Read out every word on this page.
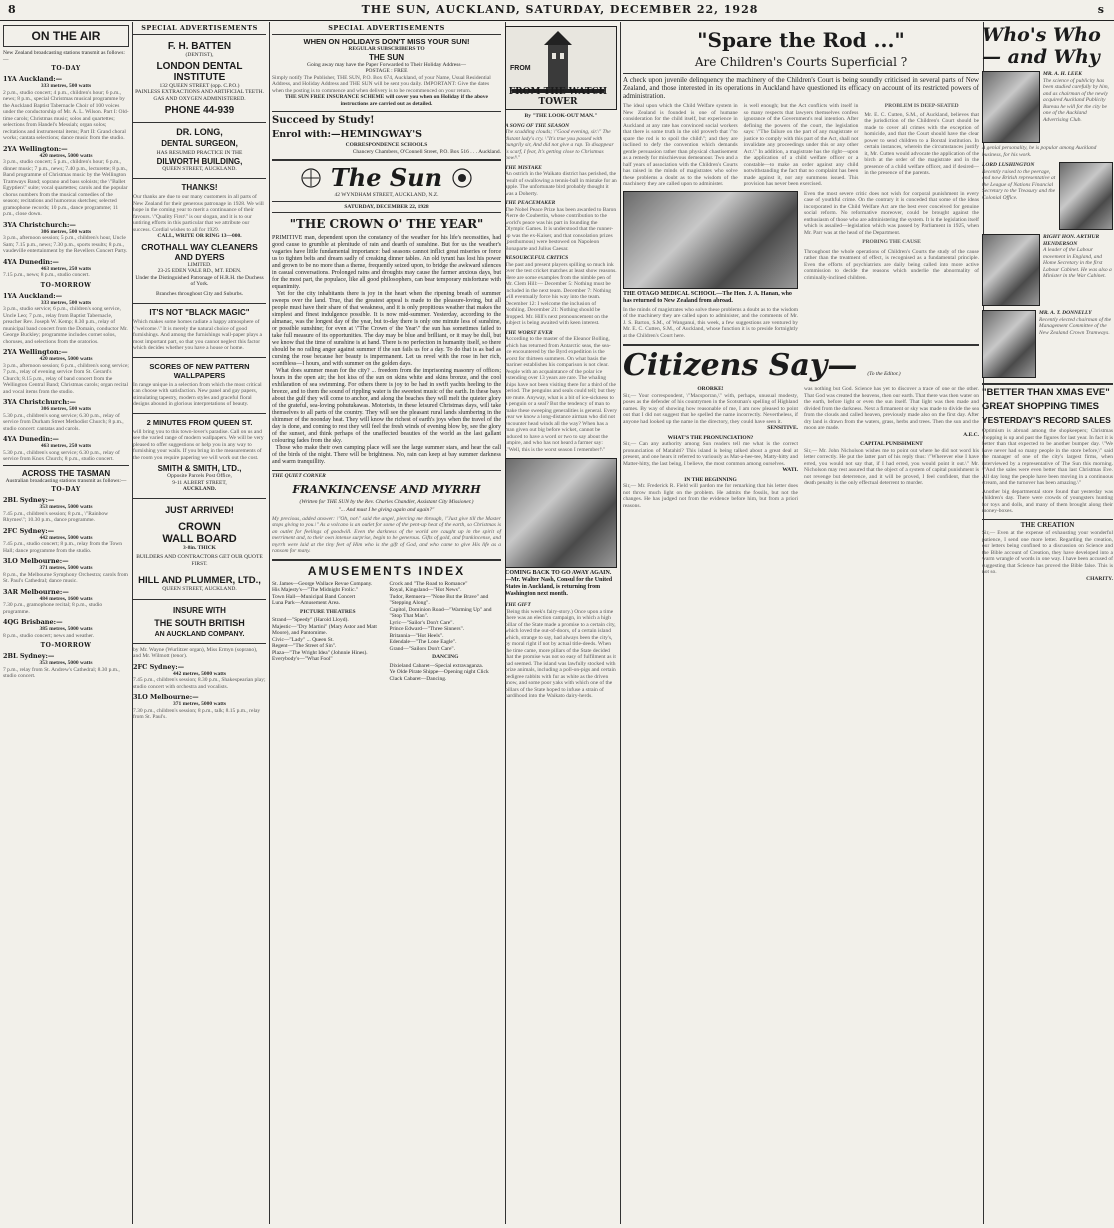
8	THE SUN, AUCKLAND, SATURDAY, DECEMBER 22, 1928	s
ON THE AIR
New Zealand broadcasting stations transmit as follows:—
TO-DAY
1YA Auckland:—
333 metres, 500 watts
2 p.m., studio concert; 4 p.m., children's hour; 6 p.m., news; 8 p.m., special Christmas musical programme by the Auckland Baptist Tabernacle Choir of 100 voices under the conductorship of Mr. A. L. Wilson. Part I: Old-time carols; Christmas music; solos and quartettes; selections from Handel's Messiah; organ solos; recitations and instrumental items; Part II: Grand choral works; cantata selections; dance music from the studio.
2YA Wellington:—
420 metres, 5000 watts
3 p.m., studio concert; 5 p.m., children's hour; 6 p.m., dinner music; 7 p.m., news; 7.40 p.m., lecturette; 8 p.m., Band programme of Christmas music by the Wellington Tramways Band; soprano and bass soloists; the \"Ballet Egyptien\" suite; vocal quartettes; carols and the popular chorus numbers from the musical comedies of the season; recitations and humorous sketches; selected gramophone records; 10 p.m., dance programme; 11 p.m., close down.
3YA Christchurch:—
306 metres, 500 watts
3 p.m., afternoon session; 5 p.m., children's hour, Uncle Sam; 7.15 p.m., news; 7.30 p.m., sports results; 8 p.m., vaudeville entertainment by the Revellers Concert Party.
4YA Dunedin:—
463 metres, 250 watts
7.15 p.m., news; 8 p.m., studio concert.
TO-MORROW
1YA Auckland:—
333 metres, 500 watts
3 p.m., studio service; 6 p.m., children's song service, Uncle Leo; 7 p.m., relay from Baptist Tabernacle, preacher Rev. Joseph W. Kemp; 8.30 p.m., relay of municipal band concert from the Domain, conductor Mr. George Buckley; programme includes cornet solos, choruses, and selections from the oratorios.
2YA Wellington:—
420 metres, 5000 watts
3 p.m., afternoon session; 6 p.m., children's song service; 7 p.m., relay of evening service from St. Gerard's Church; 8.15 p.m., relay of band concert from the Wellington Central Band; Christmas carols; organ recital and vocal items from the studio.
3YA Christchurch:—
306 metres, 500 watts
5.30 p.m., children's song service; 6.30 p.m., relay of service from Durham Street Methodist Church; 8 p.m., studio concert: cantatas and carols.
4YA Dunedin:—
463 metres, 250 watts
5.30 p.m., children's song service; 6.30 p.m., relay of service from Knox Church; 8 p.m., studio concert.
ACROSS THE TASMAN
Australian broadcasting stations transmit as follows:—
TO-DAY
2BL Sydney:—
353 metres, 5000 watts
7.45 p.m., children's session; 8 p.m., \"Rainbow Rhymes\"; 10.30 p.m., dance programme.
2FC Sydney:—
442 metres, 5000 watts
7.45 p.m., studio concert; 8 p.m., relay from the Town Hall; dance programme from the studio.
3LO Melbourne:—
371 metres, 5000 watts
8 p.m., the Melbourne Symphony Orchestra; carols from St. Paul's Cathedral; dance music.
3AR Melbourne:—
484 metres, 1600 watts
7.30 p.m., gramophone recital; 8 p.m., studio programme.
4QG Brisbane:—
385 metres, 5000 watts
8 p.m., studio concert; news and weather.
TO-MORROW
2BL Sydney:—
353 metres, 5000 watts
7 p.m., relay from St. Andrew's Cathedral; 8.30 p.m., studio concert.
SPECIAL ADVERTISEMENTS
F. H. BATTEN
(DENTIST),
LONDON DENTAL
INSTITUTE
132 QUEEN STREET (opp. C.P.O.)
PAINLESS EXTRACTIONS AND ARTIFICIAL TEETH. GAS AND OXYGEN ADMINISTERED.
PHONE 44-939
DR. LONG,
DENTAL SURGEON,
HAS RESUMED PRACTICE IN THE
DILWORTH BUILDING,
QUEEN STREET, AUCKLAND.
THANKS!
Our thanks are due to our many customers in all parts of New Zealand for their generous patronage in 1928. We will hope in the coming year to merit a continuance of their favours. \"Quality First\" is our slogan, and it is to our untiring efforts in this particular that we attribute our success. Cordial wishes to all for 1929.
CALL, WRITE OR RING 13—000.
CROTHALL WAY CLEANERS AND DYERS
LIMITED.
23-25 EDEN VALE RD., MT. EDEN.
Under the Distinguished Patronage of H.R.H. the Duchess of York.
Branches throughout City and Suburbs.
IT'S NOT "BLACK MAGIC"
Which makes some homes radiate a happy atmosphere of \"welcome.\" It is merely the natural choice of good furnishings. And among the furnishings wall-paper plays a most important part, so that you cannot neglect this factor which decides whether you have a house or home.
SCORES OF NEW PATTERN WALLPAPERS
In range unique in a selection from which the most critical can choose with satisfaction. New panel and gay papers, stimulating tapestry, modern styles and graceful floral designs abound in glorious interpretations of beauty.
2 MINUTES FROM QUEEN ST.
will bring you to this town-lover's paradise. Call on us and see the varied range of modern wallpapers. We will be very pleased to offer suggestions or help you in any way to furnishing your walls. If you bring in the measurements of the room you require papering we will work out the cost.
SMITH & SMITH, LTD.,
Opposite Parcels Post Office,
9-11 ALBERT STREET,
AUCKLAND.
JUST ARRIVED!
CROWN
WALL BOARD
3-8in. THICK
BUILDERS AND CONTRACTORS GET OUR QUOTE FIRST.
HILL AND PLUMMER, LTD.,
QUEEN STREET, AUCKLAND.
INSURE WITH
THE SOUTH BRITISH
AN AUCKLAND COMPANY.
by Mr. Wayne (Wurlitzer organ), Miss Ermyn (soprano), and Mr. Wilmott (tenor).
2FC Sydney:—
442 metres, 5000 watts
7.45 p.m., children's session; 8.30 p.m., Shakespearian play; studio concert with orchestra and vocalists.
3LO Melbourne:—
371 metres, 5000 watts
7.30 p.m., children's session; 8 p.m., talk; 8.15 p.m., relay from St. Paul's.
SPECIAL ADVERTISEMENTS
WHEN ON HOLIDAYS DON'T MISS YOUR SUN!
REGULAR SUBSCRIBERS TO
THE SUN
Going away may have the Paper Forwarded to Their Holiday Address—
POSTAGE : FREE
Simply notify The Publisher, THE SUN, P.O. Box 674, Auckland, of your Name, Usual Residential Address, and Holiday Address and THE SUN will be sent you daily. IMPORTANT: Give the dates when the posting is to commence and when delivery is to be recommenced on your return.
THE SUN FREE INSURANCE SCHEME will cover you when on Holiday if the above instructions are carried out as detailed.
Succeed by Study!
Enrol with:—HEMINGWAY'S
CORRESPONDENCE SCHOOLS
Chancery Chambers, O'Connell Street, P.O. Box 516 . . . Auckland.
The Sun
42 WYNDHAM STREET, AUCKLAND, N.Z.
SATURDAY, DECEMBER 22, 1928
"THE CROWN O' THE YEAR"
PRIMITIVE man, dependent upon the constancy of the weather for his life's necessities, had good cause to grumble at plenitude of rain and dearth of sunshine. But for us the weather's vagaries have little fundamental importance: bad seasons cannot inflict great miseries or force us to tighten belts and dream sadly of creaking dinner tables. An old tyrant has lost his power and grown to be no more than a theme, frequently seized upon, to bridge the awkward silences in casual conversations. Prolonged rains and droughts may cause the farmer anxious days, but for the most part, the populace, like all good philosophers, can bear temporary misfortune with equanimity.
Yet for the city inhabitants there is joy in the heart when the ripening breath of summer sweeps over the land. True, that the greatest appeal is made to the pleasure-loving, but all people must have their share of that weakness, and it is only propitious weather that makes the simplest and finest indulgence possible. It is now mid-summer. Yesterday, according to the almanac, was the longest day of the year, but to-day there is only one minute less of sunshine, or possible sunshine; for even at \"The Crown o' the Year\" the sun has sometimes failed to take full measure of its opportunities. The day may be blue and brilliant, or it may be dull, but we know that the time of sunshine is at hand. There is no perfection in humanity itself, so there should be no railing anger against summer if the sun fails us for a day. To do that is as bad as cursing the rose because her beauty is impermanent. Let us revel with the rose in her rich, scentbless—I hours, and with summer on the golden days.
What does summer mean for the city? ... freedom from the imprisoning masonry of offices; hours in the open air; the hot kiss of the sun on skins white and skins bronze, and the cool exhilaration of sea swimming. For others there is joy to be had in swift yachts heeling to the breeze, and to them the sound of rippling water is the sweetest music of the earth. In these bays about the gulf they will come to anchor, and along the beaches they will melt the quieter glory of the grateful, sea-loving pohutukawas. Motorists, in these leisured Christmas days, will take themselves to all parts of the country. They will see the pleasant rural lands slumbering in the shimmer of the noonday heat. They will know the richest of earth's joys when the travel of the day is done, and coming to rest they will feel the fresh winds of evening blow by, see the glory of the sunset, and think perhaps of the unaffected beauties of the world as the last gallant colouring fades from the sky.
Those who make their own camping place will see the large summer stars, and hear the call of the birds of the night. There will be brightness. No, rain can keep at bay summer darkness and warm tranquillity.
THE QUIET CORNER
FRANKINCENSE AND MYRRH
(Written for THE SUN by the Rev. Charles Chandler, Assistant City Missioner.)
"... And must I be giving again and again?"
My precious, added answer: \"Oh, not\" said the angel, piercing me through, \"Just give till the Master stops giving to you.\" As a volcano is an outlet for some of the pent-up heat of the earth, so Christmas is an outlet for feelings of goodwill. Even the darkness of the world are caught up in the spirit of merriment and, to their own intense surprise, begin to be generous. Gifts of gold, and frankincense, and myrrh were laid at the tiny feet of Him who is the gift of God, and who came to give His life as a ransom for many.
AMUSEMENTS INDEX
St. James—George Wallace Revue Company.
His Majesty's—"The Midnight Frolic."
Town Hall—Municipal Band Concert
Luna Park—Amusement Area.
PICTURE THEATRES
Strand—"Speedy" (Harold Lloyd).
Majestic—"Dry Martini" (Mary Astor and Matt Moore), and Pantomime.
Civic—"Lady" ... Queen St.
Regent—"The Street of Sin".
Plaza—"The Wright Idea" (Johnnie Hines).
Everybody's—"What Fool"
Crock and "The Road to Romance"
Royal, Kingsland—"Hot News".
Tudor, Remuera—"None But the Brave" and "Stepping Along".
Capitol, Dominion Road—"Warming Up" and "Stop That Man".
Lyric—"Sailor's Don't Care".
Prince Edward—"Three Sinners".
Britannia—"Hot Heels".
Edendale—"The Lone Eagle".
Grand—"Sailors Don't Care".
DANCING
Dixieland Cabaret—Special extravaganza.
Ye Olde Pirate Shippe—Opening night Click Clack Cabaret—Dancing.
FROM
FROM THE WATCH TOWER
By "THE LOOK-OUT MAN."
A SONG OF THE SEASON
The scudding clouds; \"Good evening, sir.\" The distant lady's cry. \"It's true you passed with hungrily sir, And did not give a rap. To disappear is scarf, I fear, It's getting close to Christmas now!\"
THE MISTAKE
An ostrich in the Waikato district has perished, the result of swallowing a tennis-ball in mistake for an apple. The unfortunate bird probably thought it was a Doherty.
THE PEACEMAKER
The Nobel Peace Prize has been awarded to Baron Pierre de Coubertin, whose contribution to the world's peace was his part in founding the Olympic Games. It is understood that the runner-up was the ex-Kaiser, and that consolation prizes (posthumous) were bestowed on Napoleon Bonaparte and Julius Caesar.
RESOURCEFUL CRITICS
The past and present players spilling so much ink over the test cricket matches at least show reasons. Here are some examples from the nimble pen of Mr. Clem Hill:— December 5: Nothing must be included in the next team. December 7: Nothing will eventually force his way into the team. December 12: I welcome the inclusion of Nothling. December 21: Nothing should be dropped. Mr. Hill's next pronouncement on the subject is being awaited with keen interest.
THE WORST EVER
According to the master of the Eleanor Bolling, which has returned from Antarctic seas, the sea-ice encountered by the Byrd expedition is the worst for thirteen summers. On what basis the mariner establishes his comparison is not clear. People with an acquaintance of the polar ice extending over 13 years are rare. The whaling ships have not been visiting there for a third of the period. The penguins and seals could tell; but they are mute. Anyway, what is a bit of ice-sickness to a penguin or a seal? But the tendency of man to make these sweeping generalities is general. Every year we know a long-distance airman who did not encounter head winds all the way? When has a man given out big before wicket, cannot be induced to have a word or two to say about the umpire, and who has not heard a farmer say: \"Well, this is the worst season I remember!\"
COMING BACK TO GO AWAY AGAIN.—Mr. Walter Nash, Consul for the United States in Auckland, is returning from Washington next month.
THE GIFT
(Being this week's fairy-story.) Once upon a time there was an election campaign, in which a high pillar of the State made a promise to a certain city, which loved the out-of-doors, of a certain island which, strange to say, had always been the city's, by moral right if not by actual title-deeds. When the time came, more pillars of the State decided that the promise was not so easy of fulfilment as it had seemed. The island was lawfully stocked with prize animals, including a poll-on-pigs and certain pedigree rabbits with fur as white as the driven snow, and some poor yaks with which one of the pillars of the State hoped to infuse a strain of hardihood into the Waikato dairy-herds.
"Spare the Rod ..."
Are Children's Courts Superficial ?
A check upon juvenile delinquency the machinery of the Children's Court is being soundly criticised in several parts of New Zealand, and those interested in its operations in Auckland have questioned its efficacy on account of its restricted powers of administration.
The ideal upon which the Child Welfare system in New Zealand is founded is one of humane consideration for the child itself, but experience in Auckland at any rate has convinced social workers that there is some truth in the old proverb that \"to spare the rod is to spoil the child\"; and they are inclined to defy the convention which demands gentle persuasion rather than physical chastisement as a remedy for mischievous demeanour. Two and a half years of association with the Children's Courts has raised in the minds of magistrates who solve these problems a doubt as to the wisdom of the machinery they are called upon to administer.
is well enough; but the Act conflicts with itself in so many respects that lawyers themselves confess ignorance of the Government's real intention. After defining the powers of the court, the legislation says: \"The failure on the part of any magistrate or justice to comply with this part of the Act, shall not invalidate any proceedings under this or any other Act.\" In addition, a magistrate has the right—upon the application of a child welfare officer or a constable—to make an order against any child notwithstanding the fact that no complaint has been made against it, nor any summons issued. This provision has never been exercised.
PROBLEM IS DEEP-SEATED
Mr. E. C. Cutten, S.M., of Auckland, believes that the jurisdiction of the Children's Court should be made to cover all crimes with the exception of homicide, and that the Court should have the clear power to send children to a Borstal institution. In certain instances, wherein the circumstances justify it, Mr. Cutten would advocate the application of the birch at the order of the magistrate and in the presence of a child welfare officer, and if desired—in the presence of the parents.
THE OTAGO MEDICAL SCHOOL—The Hon. J. A. Hanan, who has returned to New Zealand from abroad.
In the minds of magistrates who solve these problems a doubt as to the wisdom of the machinery they are called upon to administer, and the comments of Mr. J. S. Barton, S.M., of Wanganui, this week, a few suggestions are ventured by Mr. E. C. Cutten, S.M., of Auckland, whose function it is to preside fortnightly at the Children's Court here.
Even the most severe critic does not wish for corporal punishment in every case of youthful crime. On the contrary it is conceded that some of the ideas incorporated in the Child Welfare Act are the best ever conceived for genuine social reform. No reformative moreover, could be brought against the enthusiasm of those who are administering the system. It is the legislation itself which is assailed—legislation which was passed by Parliament in 1925, when Mr. Parr was at the head of the Department.
PROBING THE CAUSE
Throughout the whole operations of Children's Courts the study of the cause rather than the treatment of effect, is recognised as a fundamental principle. Even the efforts of psychiatrists are daily being called into more active commission to decide the reasons which underlie the abnormality of criminally-inclined children.
Citizens Say— (To the Editor.)
ORORKE!
Sir,— Your correspondent, \"Macsporran,\" with, perhaps, unusual modesty, poses as the defender of his countrymen in the Scotsman's spelling of Highland names. By way of showing how reasonable of me, I am now pleased to point out that I did not suggest that he spelled the name incorrectly. Nevertheless, if anyone had looked up the name in the directory, they could have seen it.
SENSITIVE.
WHAT'S THE PRONUNCIATION?
Sir,— Can any authority among Sun readers tell me what is the correct pronunciation of Matahiti? This island is being talked about a great deal at present, and one hears it referred to variously as Mat-a-hee-tee, Matty-hitty and Matter-hitty, the last being, I believe, the most common among ourselves.
WATI.
IN THE BEGINNING
Sir,— Mr. Frederick R. Field will pardon me for remarking that his letter does not throw much light on the problem. He admits the fossils, but not the changes. He has judged not from the evidence before him, but from a priori reasons.
was nothing but God. Science has yet to discover a trace of one or the other. That God was created the heavens, then our earth. That there was then water on the earth, before light or even the sun itself. That light was then made and divided from the darkness. Next a firmament or sky was made to divide the sea from the clouds and called heaven, previously made also on the first day. After dry land is drawn from the waters, grass, herbs and trees. Then the sun and the moon are made.
A.E.C.
CAPITAL PUNISHMENT
Sir,— Mr. John Nicholson wishes me to point out where he did not word his letter correctly. He put the latter part of his reply thus: \"Wherever else I have erred, you would not say that, if I had erred, you would point it out.\" Mr. Nicholson may rest assured that the object of a system of capital punishment is not revenge but deterrence, and it will be proved, I feel confident, that the death penalty is the only effectual deterrent to murder.
Who's Who— and Why
MR. A. H. LEEK
The science of publicity has been studied carefully by him, and as chairman of the newly acquired Auckland Publicity Bureau he will for the city be one of the Auckland Advertising Club.
A genial personality, he is popular among Auckland business, for his work.
LORD LUSHINGTON
Recently raised to the peerage, and now British representative at the League of Nations Financial Secretary to the Treasury and the Colonial Office.
RIGHT HON. ARTHUR HENDERSON
A leader of the Labour movement in England, and Home Secretary in the first Labour Cabinet. He was also a Minister in the War Cabinet.
MR. A. T. DONNELLY
Recently elected chairman of the Management Committee of the New Zealand Crown Tramways.
"BETTER THAN XMAS EVE"
GREAT SHOPPING TIMES
YESTERDAY'S RECORD SALES
Optimism is abroad among the shopkeepers; Christmas shopping is up and past the figures for last year. In fact it is better than that expected to be another bumper day. \"We have never had so many people in the store before,\" said the manager of one of the city's largest firms, when interviewed by a representative of The Sun this morning. \"And the sales were even better than last Christmas Eve. All day long the people have been moving in a continuous stream, and the turnover has been amazing.\"
Another big departmental store found that yesterday was children's day. There were crowds of youngsters hunting for toys and dolls, and many of them brought along their money-boxes.
THE CREATION
Sir,— Even at the expense of exhausting your wonderful patience, I send one more letter. Regarding the creation, our letters being confined to a discussion on Science and the Bible account of Creation, they have developed into a warm wrangle of words in one way. I have been accused of suggesting that Science has proved the Bible false. This is not so.
CHARITY.
